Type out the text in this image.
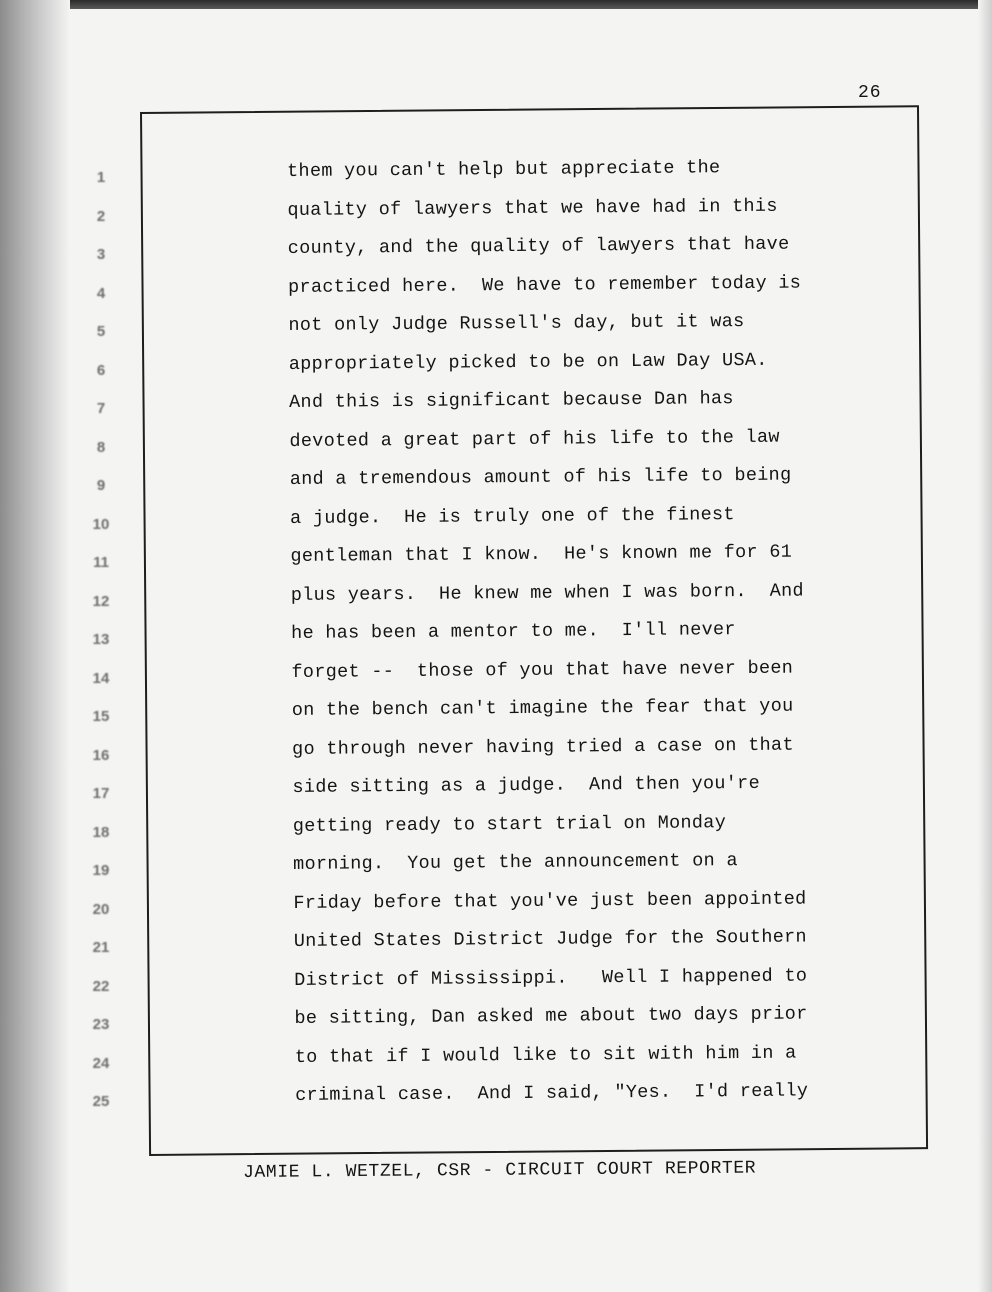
26
1
2
3
4
5
6
7
8
9
10
11
12
13
14
15
16
17
18
19
20
21
22
23
24
25
them you can't help but appreciate the
quality of lawyers that we have had in this
county, and the quality of lawyers that have
practiced here.  We have to remember today is
not only Judge Russell's day, but it was
appropriately picked to be on Law Day USA.
And this is significant because Dan has
devoted a great part of his life to the law
and a tremendous amount of his life to being
a judge.  He is truly one of the finest
gentleman that I know.  He's known me for 61
plus years.  He knew me when I was born.  And
he has been a mentor to me.  I'll never
forget --  those of you that have never been
on the bench can't imagine the fear that you
go through never having tried a case on that
side sitting as a judge.  And then you're
getting ready to start trial on Monday
morning.  You get the announcement on a
Friday before that you've just been appointed
United States District Judge for the Southern
District of Mississippi.   Well I happened to
be sitting, Dan asked me about two days prior
to that if I would like to sit with him in a
criminal case.  And I said, "Yes.  I'd really
JAMIE L. WETZEL, CSR - CIRCUIT COURT REPORTER
